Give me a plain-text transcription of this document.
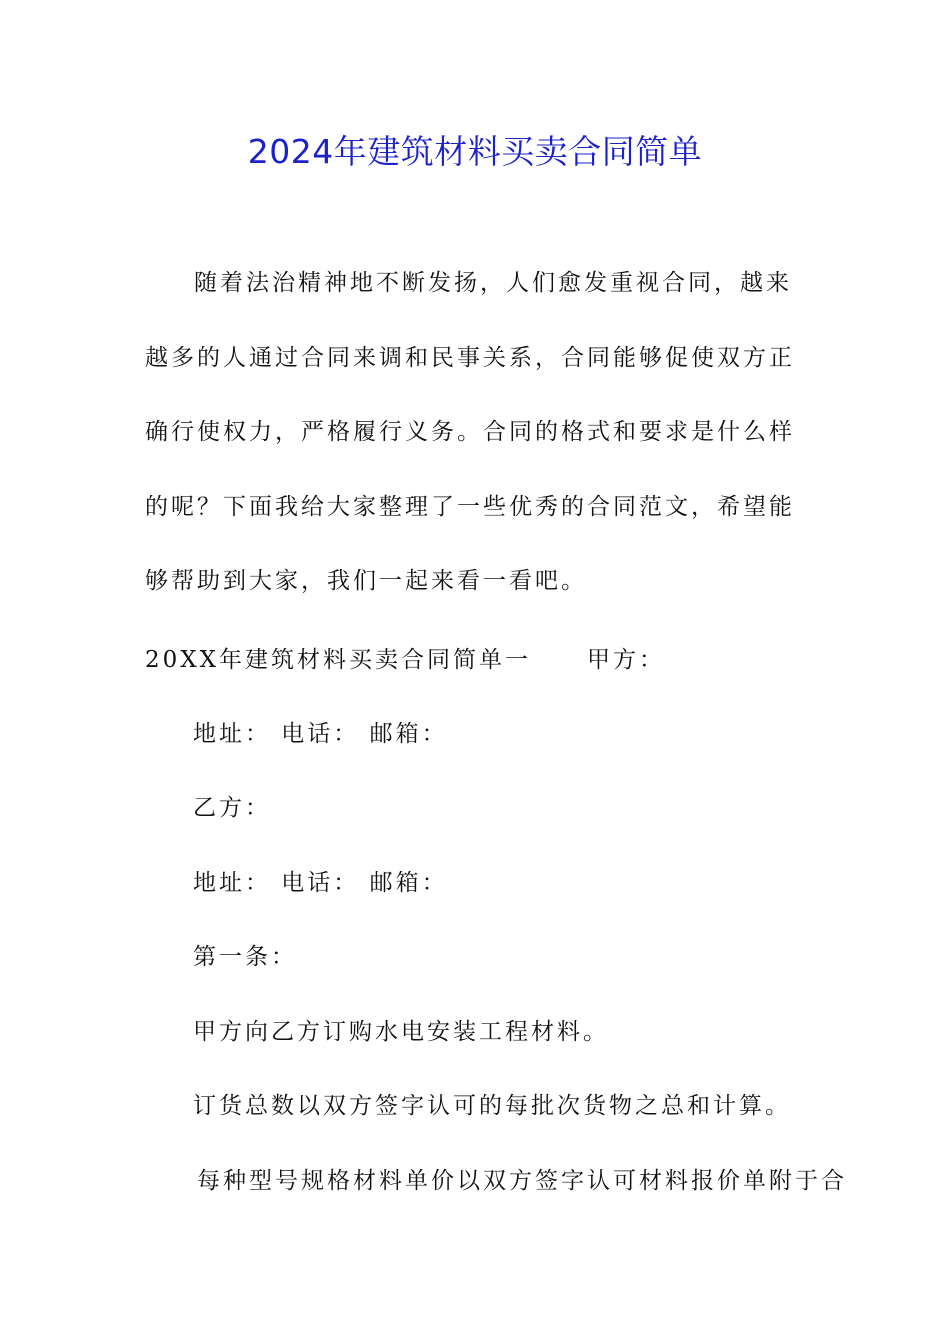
2024年建筑材料买卖合同简单
随着法治精神地不断发扬，人们愈发重视合同，越来越多的人通过合同来调和民事关系，合同能够促使双方正确行使权力，严格履行义务。合同的格式和要求是什么样的呢？下面我给大家整理了一些优秀的合同范文，希望能够帮助到大家，我们一起来看一看吧。
20XX年建筑材料买卖合同简单一 甲方：
地址： 电话： 邮箱：
乙方：
地址： 电话： 邮箱：
第一条：
甲方向乙方订购水电安装工程材料。
订货总数以双方签字认可的每批次货物之总和计算。
每种型号规格材料单价以双方签字认可材料报价单附于合
